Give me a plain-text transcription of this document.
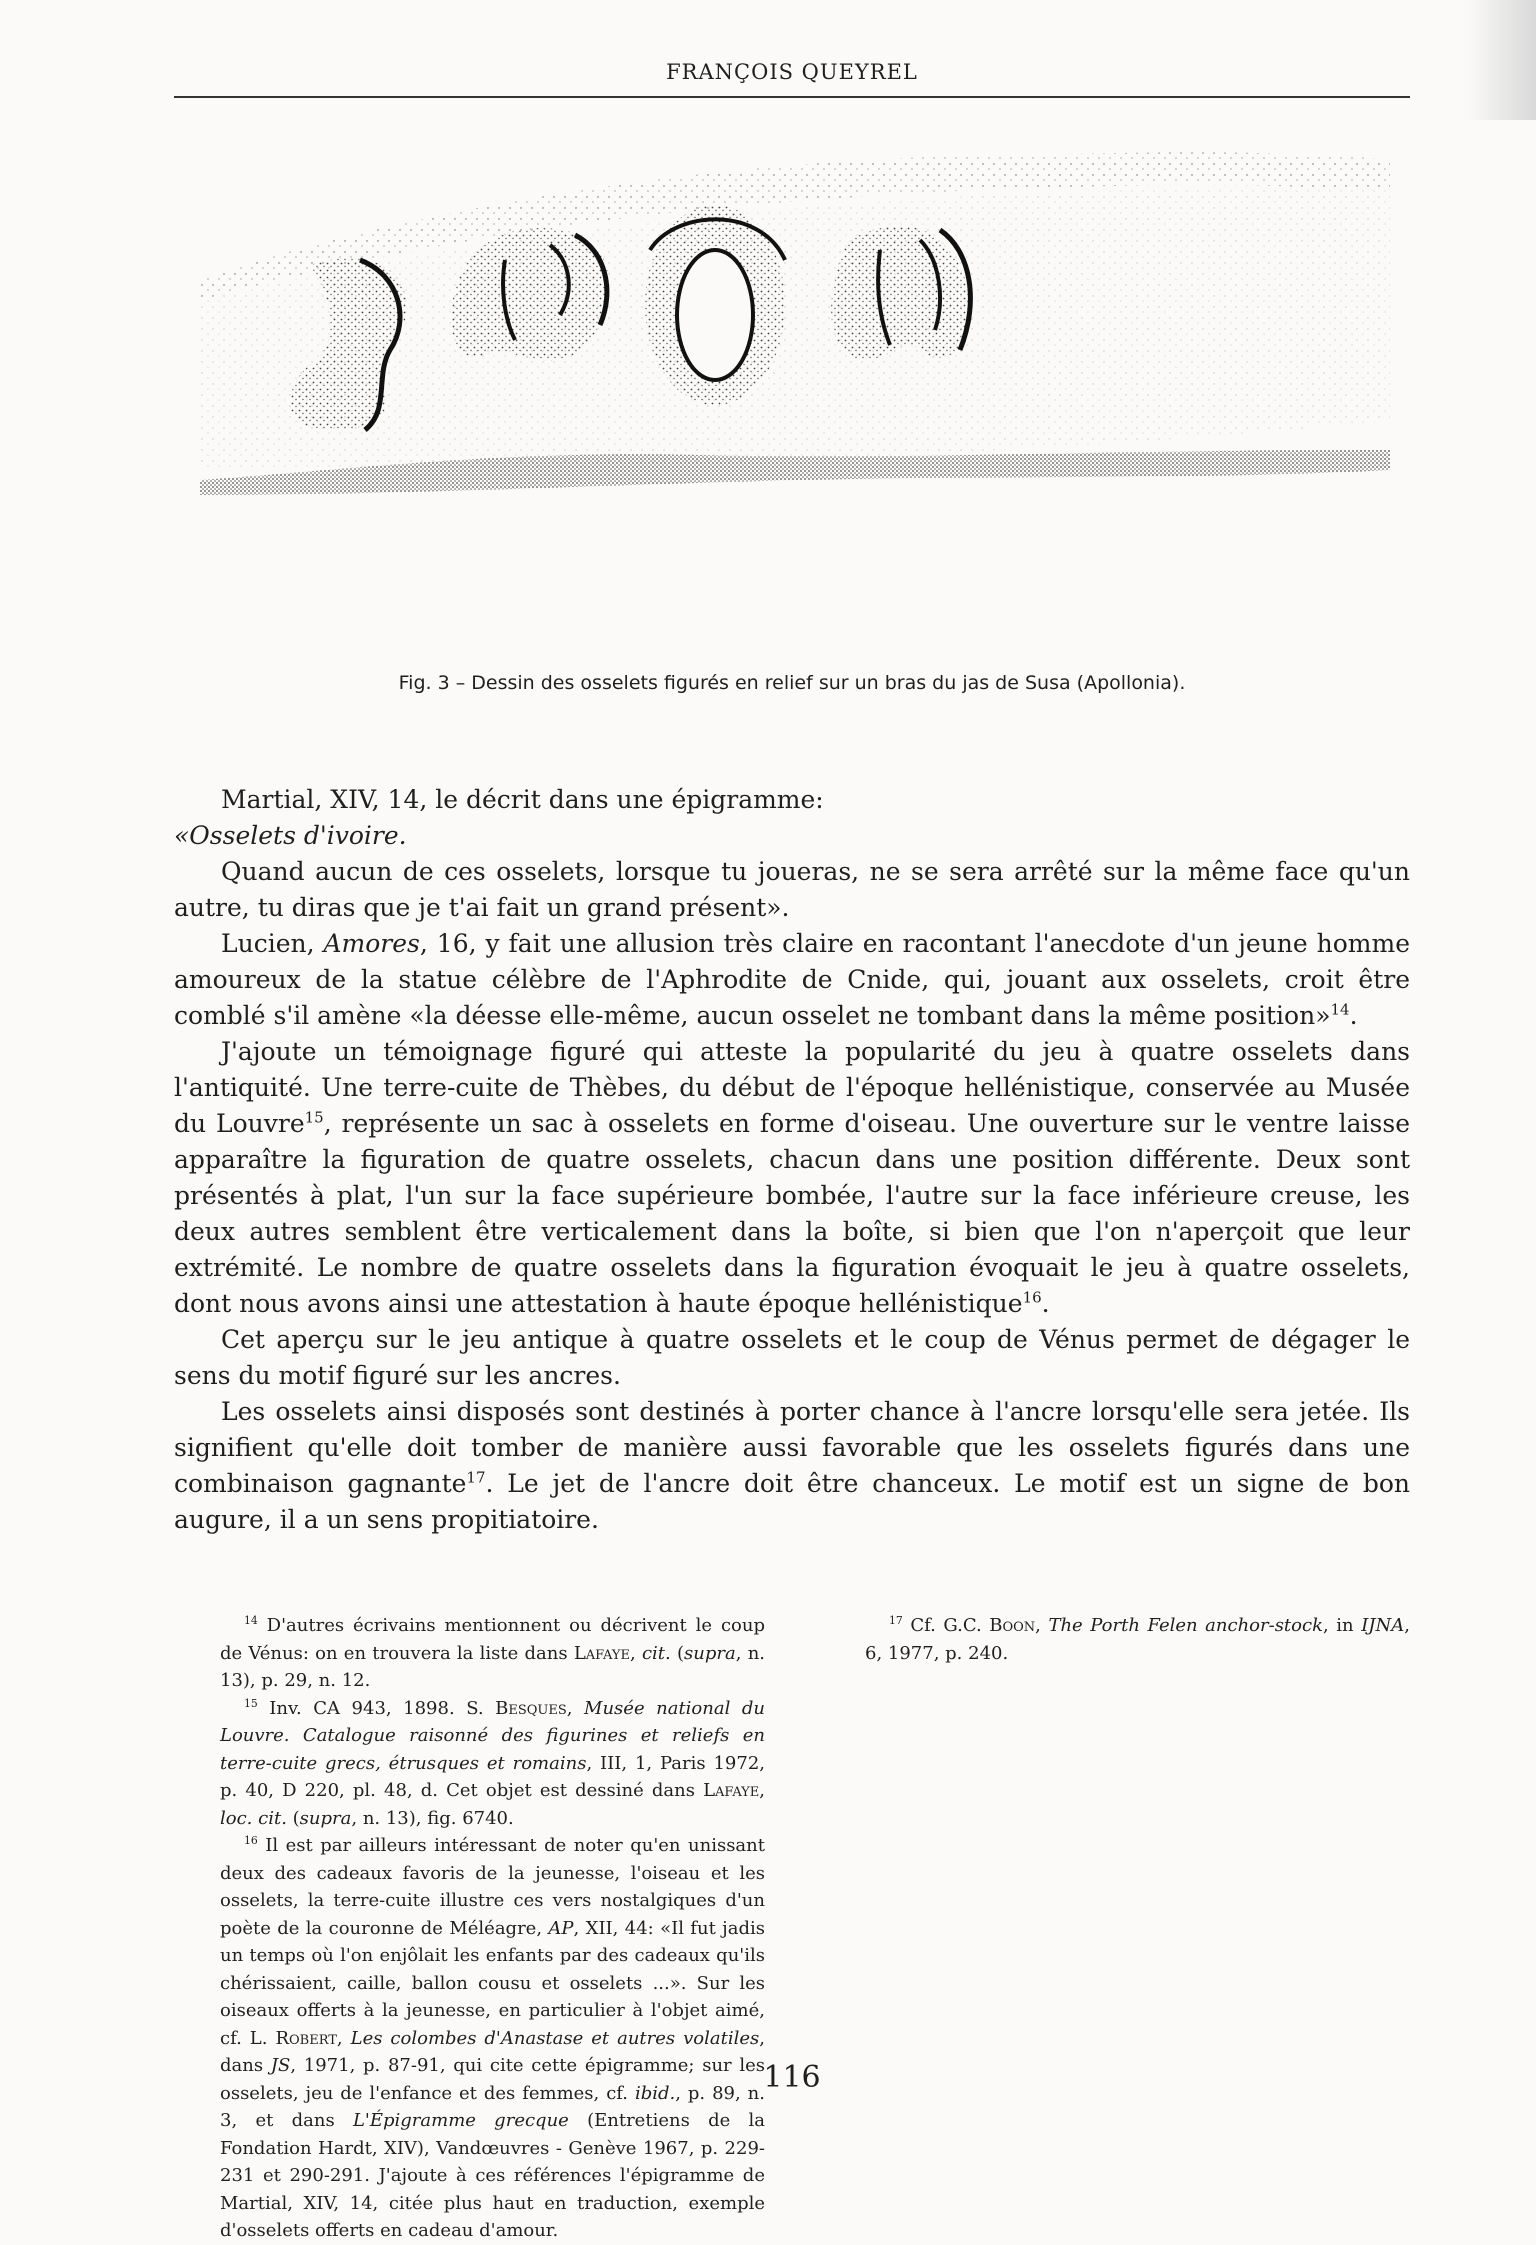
FRANÇOIS QUEYREL
Fig. 3 – Dessin des osselets figurés en relief sur un bras du jas de Susa (Apollonia).

Martial, XIV, 14, le décrit dans une épigramme:

«Osselets d'ivoire.

Quand aucun de ces osselets, lorsque tu joueras, ne se sera arrêté sur la même face qu'un autre, tu diras que je t'ai fait un grand présent».

Lucien, Amores, 16, y fait une allusion très claire en racontant l'anecdote d'un jeune homme amoureux de la statue célèbre de l'Aphrodite de Cnide, qui, jouant aux osselets, croit être comblé s'il amène «la déesse elle-même, aucun osselet ne tombant dans la même position»$^{14}$.

J'ajoute un témoignage figuré qui atteste la popularité du jeu à quatre osselets dans l'antiquité. Une terre-cuite de Thèbes, du début de l'époque hellénistique, conservée au Musée du Louvre$^{15}$, représente un sac à osselets en forme d'oiseau. Une ouverture sur le ventre laisse apparaître la figuration de quatre osselets, chacun dans une position différente. Deux sont présentés à plat, l'un sur la face supérieure bombée, l'autre sur la face inférieure creuse, les deux autres semblent être verticalement dans la boîte, si bien que l'on n'aperçoit que leur extrémité. Le nombre de quatre osselets dans la figuration évoquait le jeu à quatre osselets, dont nous avons ainsi une attestation à haute époque hellénistique$^{16}$.

Cet aperçu sur le jeu antique à quatre osselets et le coup de Vénus permet de dégager le sens du motif figuré sur les ancres.

Les osselets ainsi disposés sont destinés à porter chance à l'ancre lorsqu'elle sera jetée. Ils signifient qu'elle doit tomber de manière aussi favorable que les osselets figurés dans une combinaison gagnante$^{17}$. Le jet de l'ancre doit être chanceux. Le motif est un signe de bon augure, il a un sens propitiatoire.

$^{14}$ D'autres écrivains mentionnent ou décrivent le coup de Vénus: on en trouvera la liste dans Lafaye, cit. (supra, n. 13), p. 29, n. 12.

$^{15}$ Inv. CA 943, 1898. S. Besques, Musée national du Louvre. Catalogue raisonné des figurines et reliefs en terre-cuite grecs, étrusques et romains, III, 1, Paris 1972, p. 40, D 220, pl. 48, d. Cet objet est dessiné dans Lafaye, loc. cit. (supra, n. 13), fig. 6740.

$^{16}$ Il est par ailleurs intéressant de noter qu'en unissant deux des cadeaux favoris de la jeunesse, l'oiseau et les osselets, la terre-cuite illustre ces vers nostalgiques d'un poète de la couronne de Méléagre, AP, XII, 44: «Il fut jadis un temps où l'on enjôlait les enfants par des cadeaux qu'ils chérissaient, caille, ballon cousu et osselets ...». Sur les oiseaux offerts à la jeunesse, en particulier à l'objet aimé, cf. L. Robert, Les colombes d'Anastase et autres volatiles, dans JS, 1971, p. 87-91, qui cite cette épigramme; sur les osselets, jeu de l'enfance et des femmes, cf. ibid., p. 89, n. 3, et dans L'Épigramme grecque (Entretiens de la Fondation Hardt, XIV), Vandœuvres - Genève 1967, p. 229-231 et 290-291. J'ajoute à ces références l'épigramme de Martial, XIV, 14, citée plus haut en traduction, exemple d'osselets offerts en cadeau d'amour.

$^{17}$ Cf. G.C. Boon, The Porth Felen anchor-stock, in IJNA, 6, 1977, p. 240.

116
